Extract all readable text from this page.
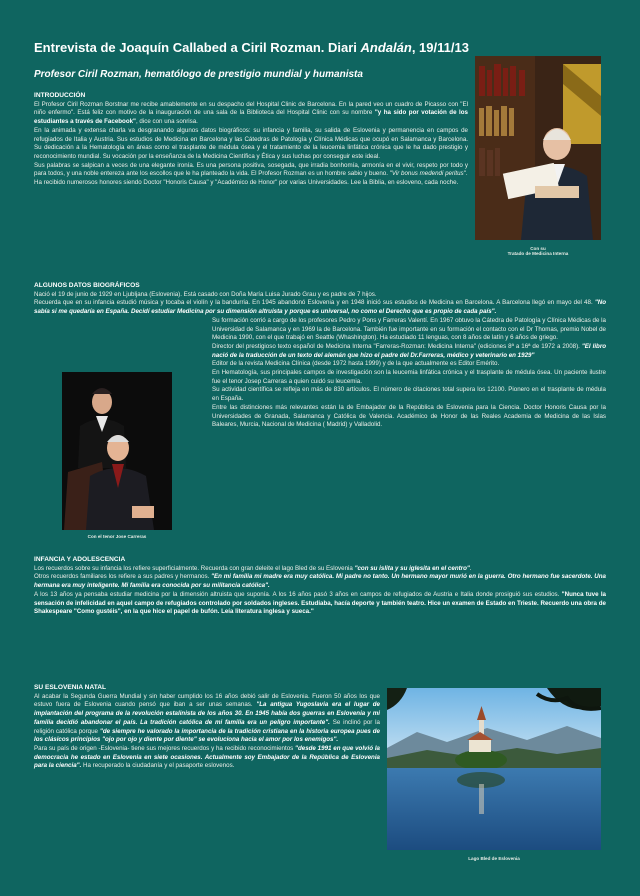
Entrevista de Joaquín Callabed a Ciril Rozman. Diari Andalán, 19/11/13
Profesor Ciril Rozman, hematólogo de prestigio mundial y humanista
Con su
Tratado de Medicina Interna

INTRODUCCIÓN

El Profesor Ciril Rozman Borstnar me recibe amablemente en su despacho del Hospital Clinic de Barcelona. En la pared veo un cuadro de Picasso con "El niño enfermo". Está feliz con motivo de la inauguración de una sala de la Biblioteca del Hospital Clinic con su nombre "y ha sido por votación de los estudiantes a través de Facebook", dice con una sonrisa.

En la animada y extensa charla va desgranando algunos datos biográficos: su infancia y familia, su salida de Eslovenia y permanencia en campos de refugiados de Italia y Austria. Sus estudios de Medicina en Barcelona y las Cátedras de Patología y Clínica Médicas que ocupó en Salamanca y Barcelona. Su dedicación a la Hematología en áreas como el trasplante de médula ósea y el tratamiento de la leucemia linfática crónica que le ha dado prestigio y reconocimiento mundial. Su vocación por la enseñanza de la Medicina Científica y Ética y sus luchas por conseguir este ideal.

Sus palabras se salpican a veces de una elegante ironía. Es una persona positiva, sosegada, que irradia bonhomía, armonía en el vivir, respeto por todo y para todos, y una noble entereza ante los escollos que le ha planteado la vida. El Profesor Rozman es un hombre sabio y bueno. "Vir bonus medendi peritus".

Ha recibido numerosos honores siendo Doctor "Honoris Causa" y "Académico de Honor" por varias Universidades. Lee la Biblia, en esloveno, cada noche.

ALGUNOS DATOS BIOGRÁFICOS

Nació el 19 de junio de 1929 en Ljubljana (Eslovenia). Está casado con Doña María Luisa Jurado Grau y es padre de 7 hijos.

Recuerda que en su infancia estudió música y tocaba el violín y la bandurria. En 1945 abandonó Eslovenia y en 1948 inició sus estudios de Medicina en Barcelona. A Barcelona llegó en mayo del 48. "No sabía si me quedaría en España. Decidí estudiar Medicina por su dimensión altruista y porque es universal, no como el Derecho que es propio de cada país".

Su formación corrió a cargo de los profesores Pedro y Pons y Farreras Valentí. En 1967 obtuvo la Cátedra de Patología y Clínica Médicas de la Universidad de Salamanca y en 1969 la de Barcelona. También fue importante en su formación el contacto con el Dr Thomas, premio Nobel de Medicina 1990, con el que trabajó en Seattle (Whashington). Ha estudiado 11 lenguas, con 8 años de latín y 6 años de griego.

Director del prestigioso texto español de Medicina Interna "Farreras-Rozman: Medicina Interna" (ediciones 8ª a 16ª de 1972 a 2008). "El libro nació de la traducción de un texto del alemán que hizo el padre del Dr.Farreras, médico y veterinario en 1929"

Editor de la revista Medicina Clínica (desde 1972 hasta 1999) y de la que actualmente es Editor Emérito.

En Hematología, sus principales campos de investigación son la leucemia linfática crónica y el trasplante de médula ósea. Un paciente ilustre fue el tenor Josep Carreras a quien cuidó su leucemia.

Su actividad científica se refleja en más de 830 artículos. El número de citaciones total supera los 12100. Pionero en el trasplante de médula en España.

Entre las distinciones más relevantes están la de Embajador de la República de Eslovenia para la Ciencia. Doctor Honoris Causa por la Universidades de Granada, Salamanca y Católica de Valencia. Académico de Honor de las Reales Academia de Medicina de las Islas Baleares, Murcia, Nacional de Medicina ( Madrid) y Valladolid.

Con el tenor Jose Carreras

INFANCIA Y ADOLESCENCIA

Los recuerdos sobre su infancia los refiere superficialmente. Recuerda con gran deleite el lago Bled de su Eslovenia "con su islita y su iglesita en el centro".

Otros recuerdos familiares los refiere a sus padres y hermanos. "En mi familia mi madre era muy católica. Mi padre no tanto. Un hermano mayor murió en la guerra. Otro hermano fue sacerdote. Una hermana era muy inteligente. Mi familia era conocida por su militancia católica".

A los 13 años ya pensaba estudiar medicina por la dimensión altruista que suponía. A los 16 años pasó 3 años en campos de refugiados de Austria e Italia donde prosiguió sus estudios. "Nunca tuve la sensación de infelicidad en aquel campo de refugiados controlado por soldados ingleses. Estudiaba, hacía deporte y también teatro. Hice un examen de Estado en Trieste. Recuerdo una obra de Shakespeare "Como gustéis", en la que hice el papel de bufón. Leía literatura inglesa y sueca."

SU ESLOVENIA NATAL

Al acabar la Segunda Guerra Mundial y sin haber cumplido los 16 años debió salir de Eslovenia. Fueron 50 años los que estuvo fuera de Eslovenia cuando pensó que iban a ser unas semanas. "La antigua Yugoslavia era el lugar de implantación del programa de la revolución estalinista de los años 30. En 1945 había dos guerras en Eslovenia y mi familia decidió abandonar el país. La tradición católica de mi familia era un peligro importante". Se inclinó por la religión católica porque "de siempre he valorado la importancia de la tradición cristiana en la historia europea pues de los clásicos principios "ojo por ojo y diente por diente" se evoluciona hacia el amor por los enemigos".

Para su país de origen -Eslovenia- tiene sus mejores recuerdos y ha recibido reconocimientos "desde 1991 en que volvió la democracia he estado en Eslovenia en siete ocasiones. Actualmente soy Embajador de la República de Eslovenia para la ciencia". Ha recuperado la ciudadanía y el pasaporte eslovenos.

Lago Bled de Eslovenia
